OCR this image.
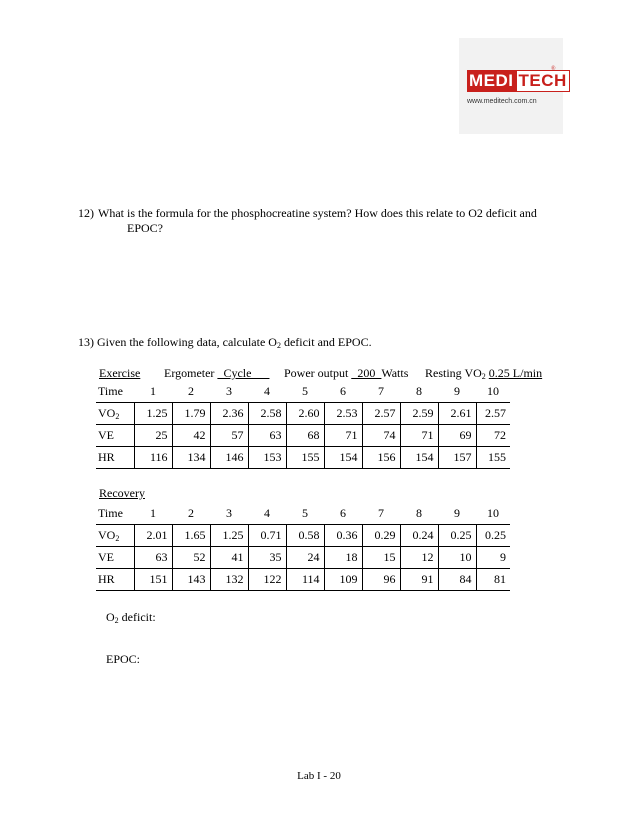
MEDI TECH
®
www.meditech.com.cn
12) What is the formula for the phosphocreatine system? How does this relate to O2 deficit and
EPOC?
13) Given the following data, calculate $O_2$ deficit and EPOC.
Exercise Ergometer _Cycle___ Power output _200_Watts Resting $VO_2$ 0.25 L/min
Time	1	2	3	4	5	6	7	8	9	10
$VO_2$	1.25	1.79	2.36	2.58	2.60	2.53	2.57	2.59	2.61	2.57
VE	25	42	57	63	68	71	74	71	69	72
HR	116	134	146	153	155	154	156	154	157	155
Recovery
Time	1	2	3	4	5	6	7	8	9	10
$VO_2$	2.01	1.65	1.25	0.71	0.58	0.36	0.29	0.24	0.25	0.25
VE	63	52	41	35	24	18	15	12	10	9
HR	151	143	132	122	114	109	96	91	84	81
$O_2$ deficit:
EPOC:
Lab I - 20
